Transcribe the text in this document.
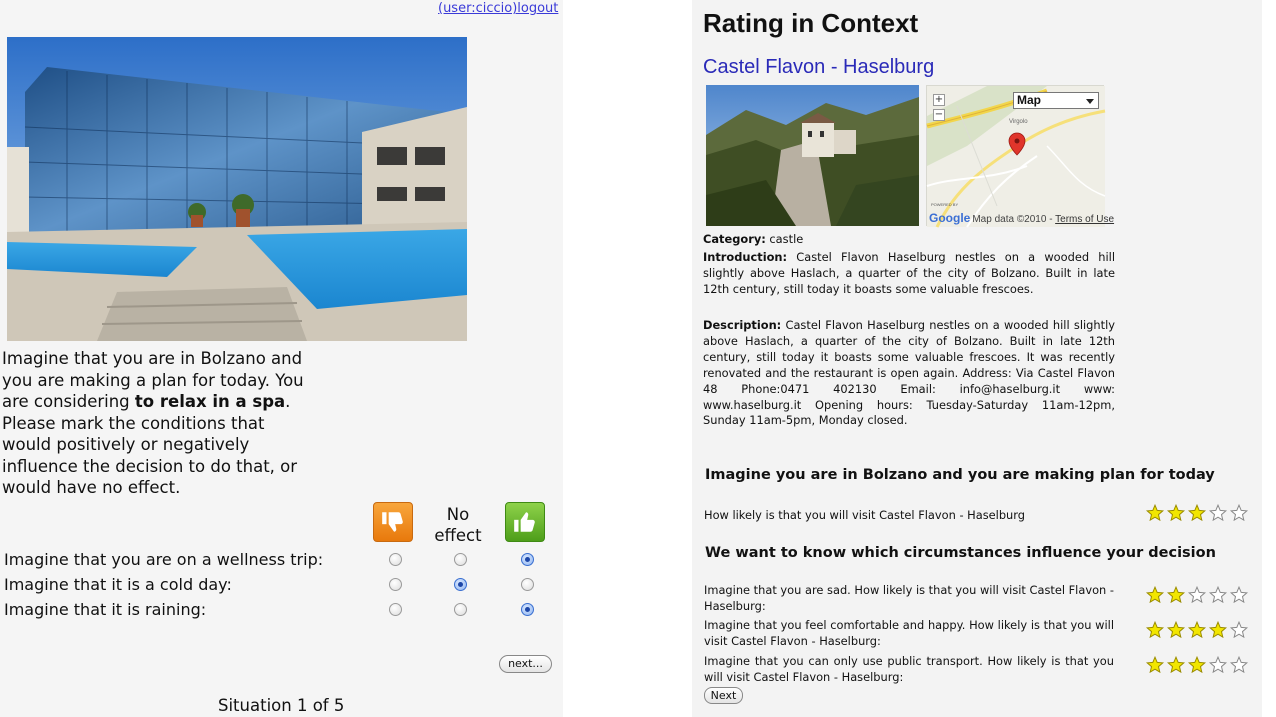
(user:ciccio)logout
Imagine that you are in Bolzano and you are making a plan for today. You are considering to relax in a spa. Please mark the conditions that would positively or negatively influence the decision to do that, or would have no effect.
No
effect
Imagine that you are on a wellness trip:
Imagine that it is a cold day:
Imagine that it is raining:
next...
Situation 1 of 5
Rating in Context
Castel Flavon - Haselburg
Virgolo
POWERED BY
+
−
Map
Google Map data ©2010 - Terms of Use
Category: castle
Introduction: Castel Flavon Haselburg nestles on a wooded hill slightly above Haslach, a quarter of the city of Bolzano. Built in late 12th century, still today it boasts some valuable frescoes.
Description: Castel Flavon Haselburg nestles on a wooded hill slightly above Haslach, a quarter of the city of Bolzano. Built in late 12th century, still today it boasts some valuable frescoes. It was recently renovated and the restaurant is open again. Address: Via Castel Flavon 48 Phone:0471 402130 Email: info@haselburg.it www: www.haselburg.it Opening hours: Tuesday-Saturday 11am-12pm, Sunday 11am-5pm, Monday closed.
Imagine you are in Bolzano and you are making plan for today
How likely is that you will visit Castel Flavon - Haselburg
We want to know which circumstances influence your decision
Imagine that you are sad. How likely is that you will visit Castel Flavon - Haselburg:
Imagine that you feel comfortable and happy. How likely is that you will visit Castel Flavon - Haselburg:
Imagine that you can only use public transport. How likely is that you will visit Castel Flavon - Haselburg:
Next
